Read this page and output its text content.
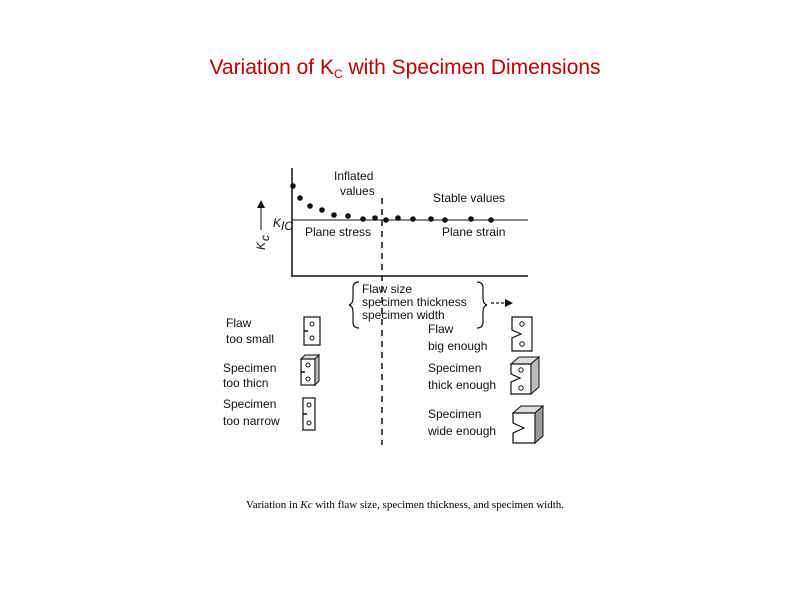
Variation of $K_C$ with Specimen Dimensions
K
c
K IC
Inflated
values	Stable values
Plane stress	Plane strain
Flaw size
specimen thickness
specimen width
Flaw
too small
Specimen
too thicn
Specimen
too narrow
Flaw
big enough
Specimen
thick enough
Specimen
wide enough
Variation in Kc with flaw size, specimen thickness, and specimen width.
